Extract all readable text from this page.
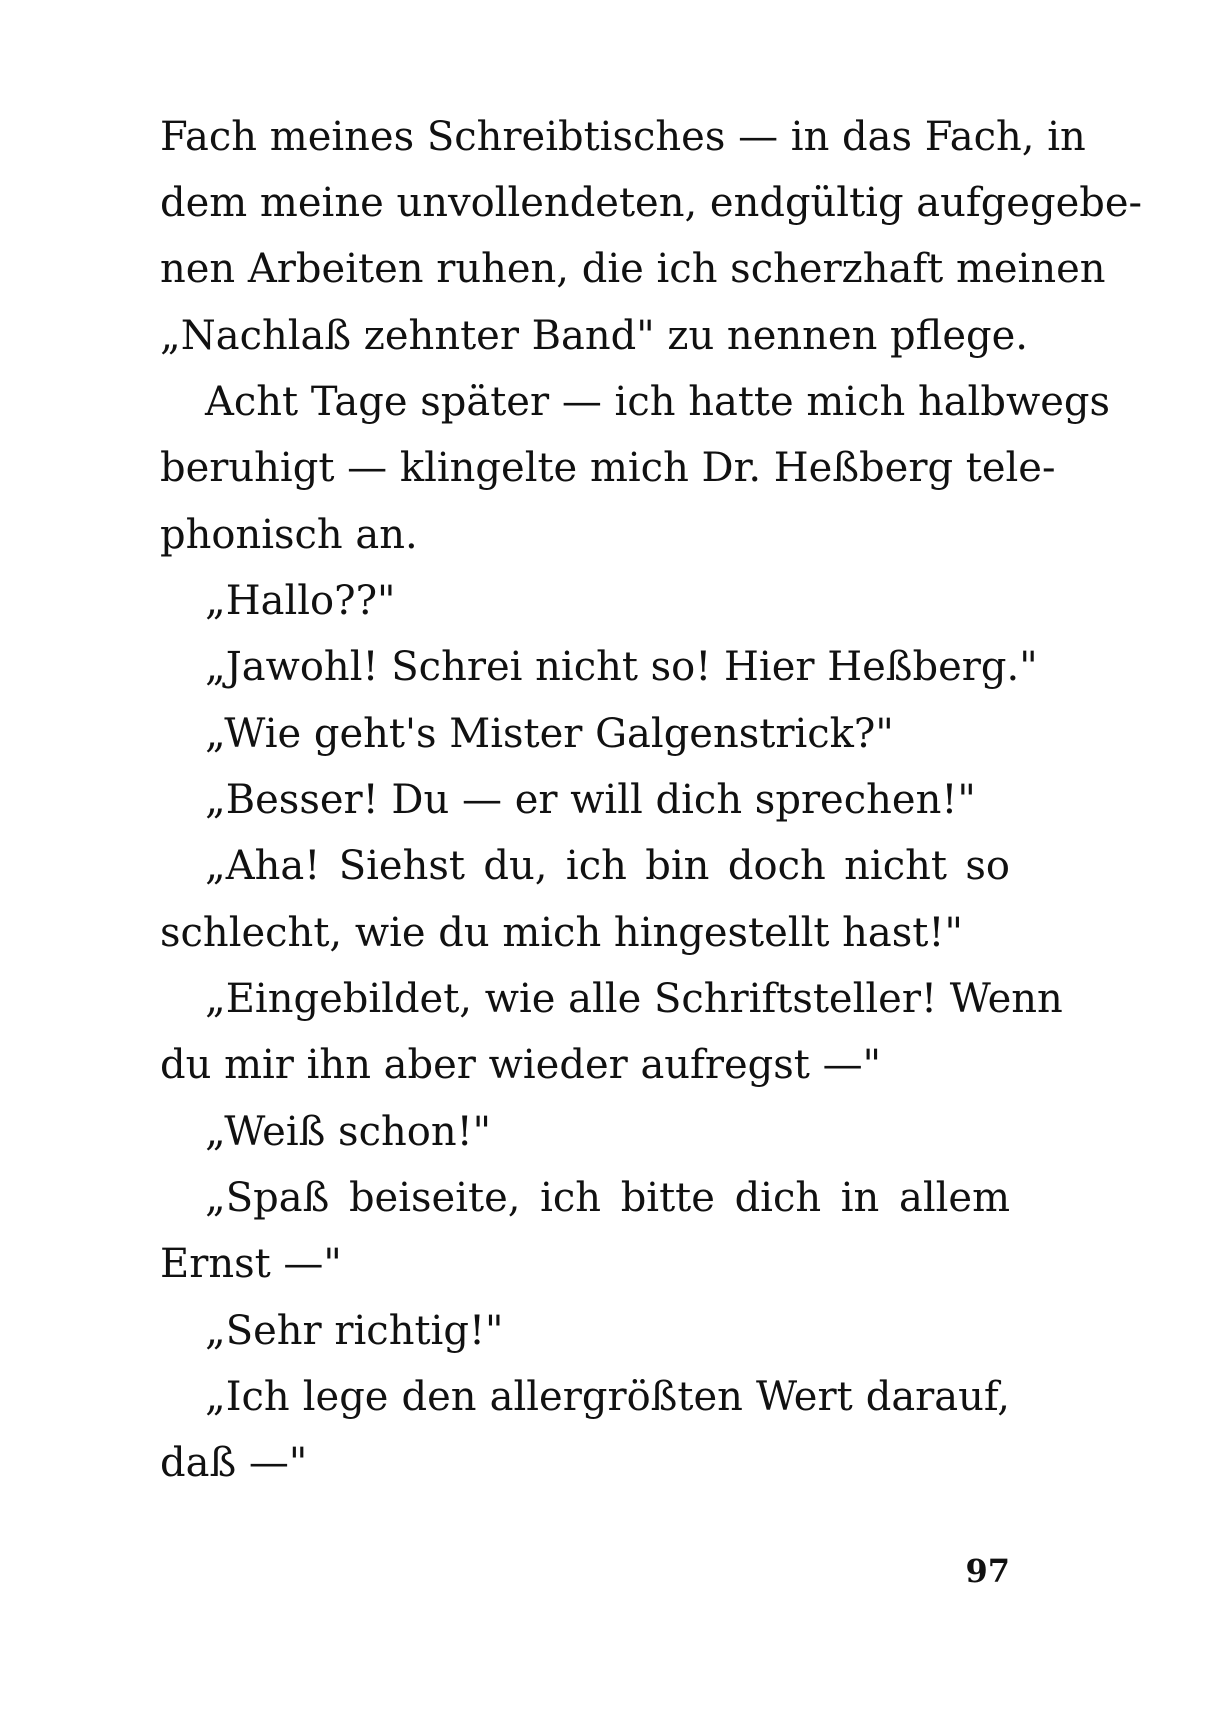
Fach meines Schreibtisches — in das Fach, in
dem meine unvollendeten, endgültig aufgegebe-
nen Arbeiten ruhen, die ich scherzhaft meinen
„Nachlaß zehnter Band" zu nennen pflege.
Acht Tage später — ich hatte mich halbwegs
beruhigt — klingelte mich Dr. Heßberg tele-
phonisch an.
„Hallo??"
„Jawohl! Schrei nicht so! Hier Heßberg."
„Wie geht's Mister Galgenstrick?"
„Besser! Du — er will dich sprechen!"
„Aha! Siehst du, ich bin doch nicht so
schlecht, wie du mich hingestellt hast!"
„Eingebildet, wie alle Schriftsteller! Wenn
du mir ihn aber wieder aufregst —"
„Weiß schon!"
„Spaß beiseite, ich bitte dich in allem
Ernst —"
„Sehr richtig!"
„Ich lege den allergrößten Wert darauf,
daß —"
97
